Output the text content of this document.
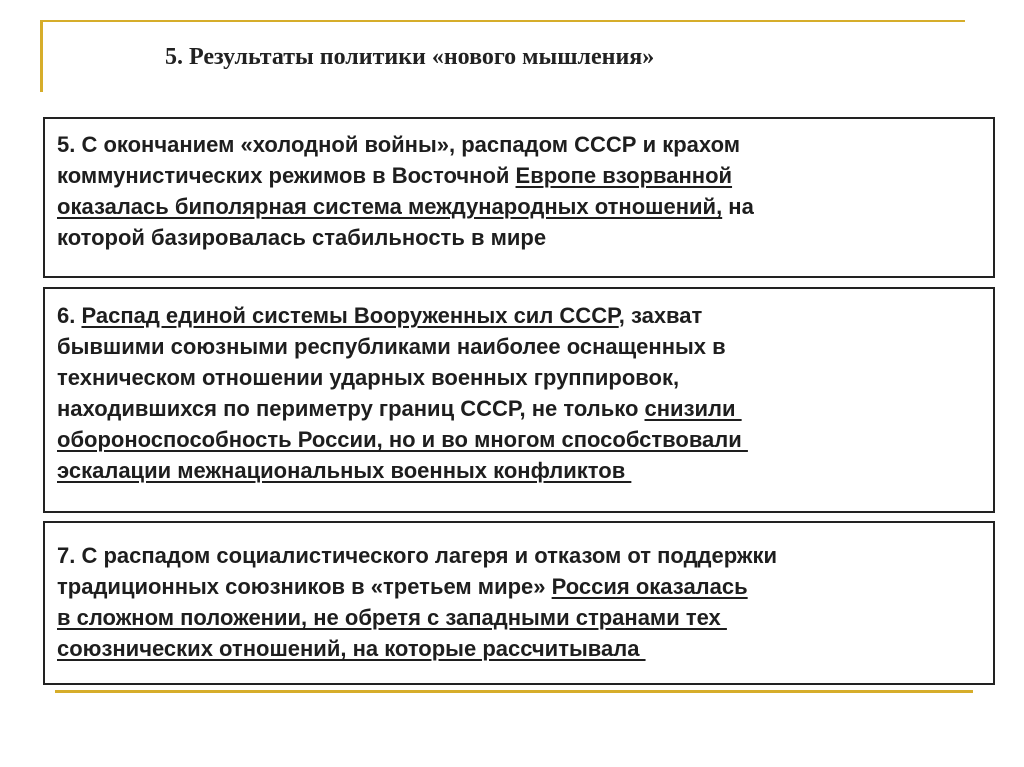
5. Результаты политики «нового мышления»
5. С окончанием «холодной войны», распадом СССР и крахом
коммунистических режимов в Восточной Европе взорванной
оказалась биполярная система международных отношений, на
которой базировалась стабильность в мире
6. Распад единой системы Вооруженных сил СССР, захват
бывшими союзными республиками наиболее оснащенных в
техническом отношении ударных военных группировок,
находившихся по периметру границ СССР, не только снизили
обороноспособность России, но и во многом способствовали
эскалации межнациональных военных конфликтов
7. С распадом социалистического лагеря и отказом от поддержки
традиционных союзников в «третьем мире» Россия оказалась
в сложном положении, не обретя с западными странами тех
союзнических отношений, на которые рассчитывала
